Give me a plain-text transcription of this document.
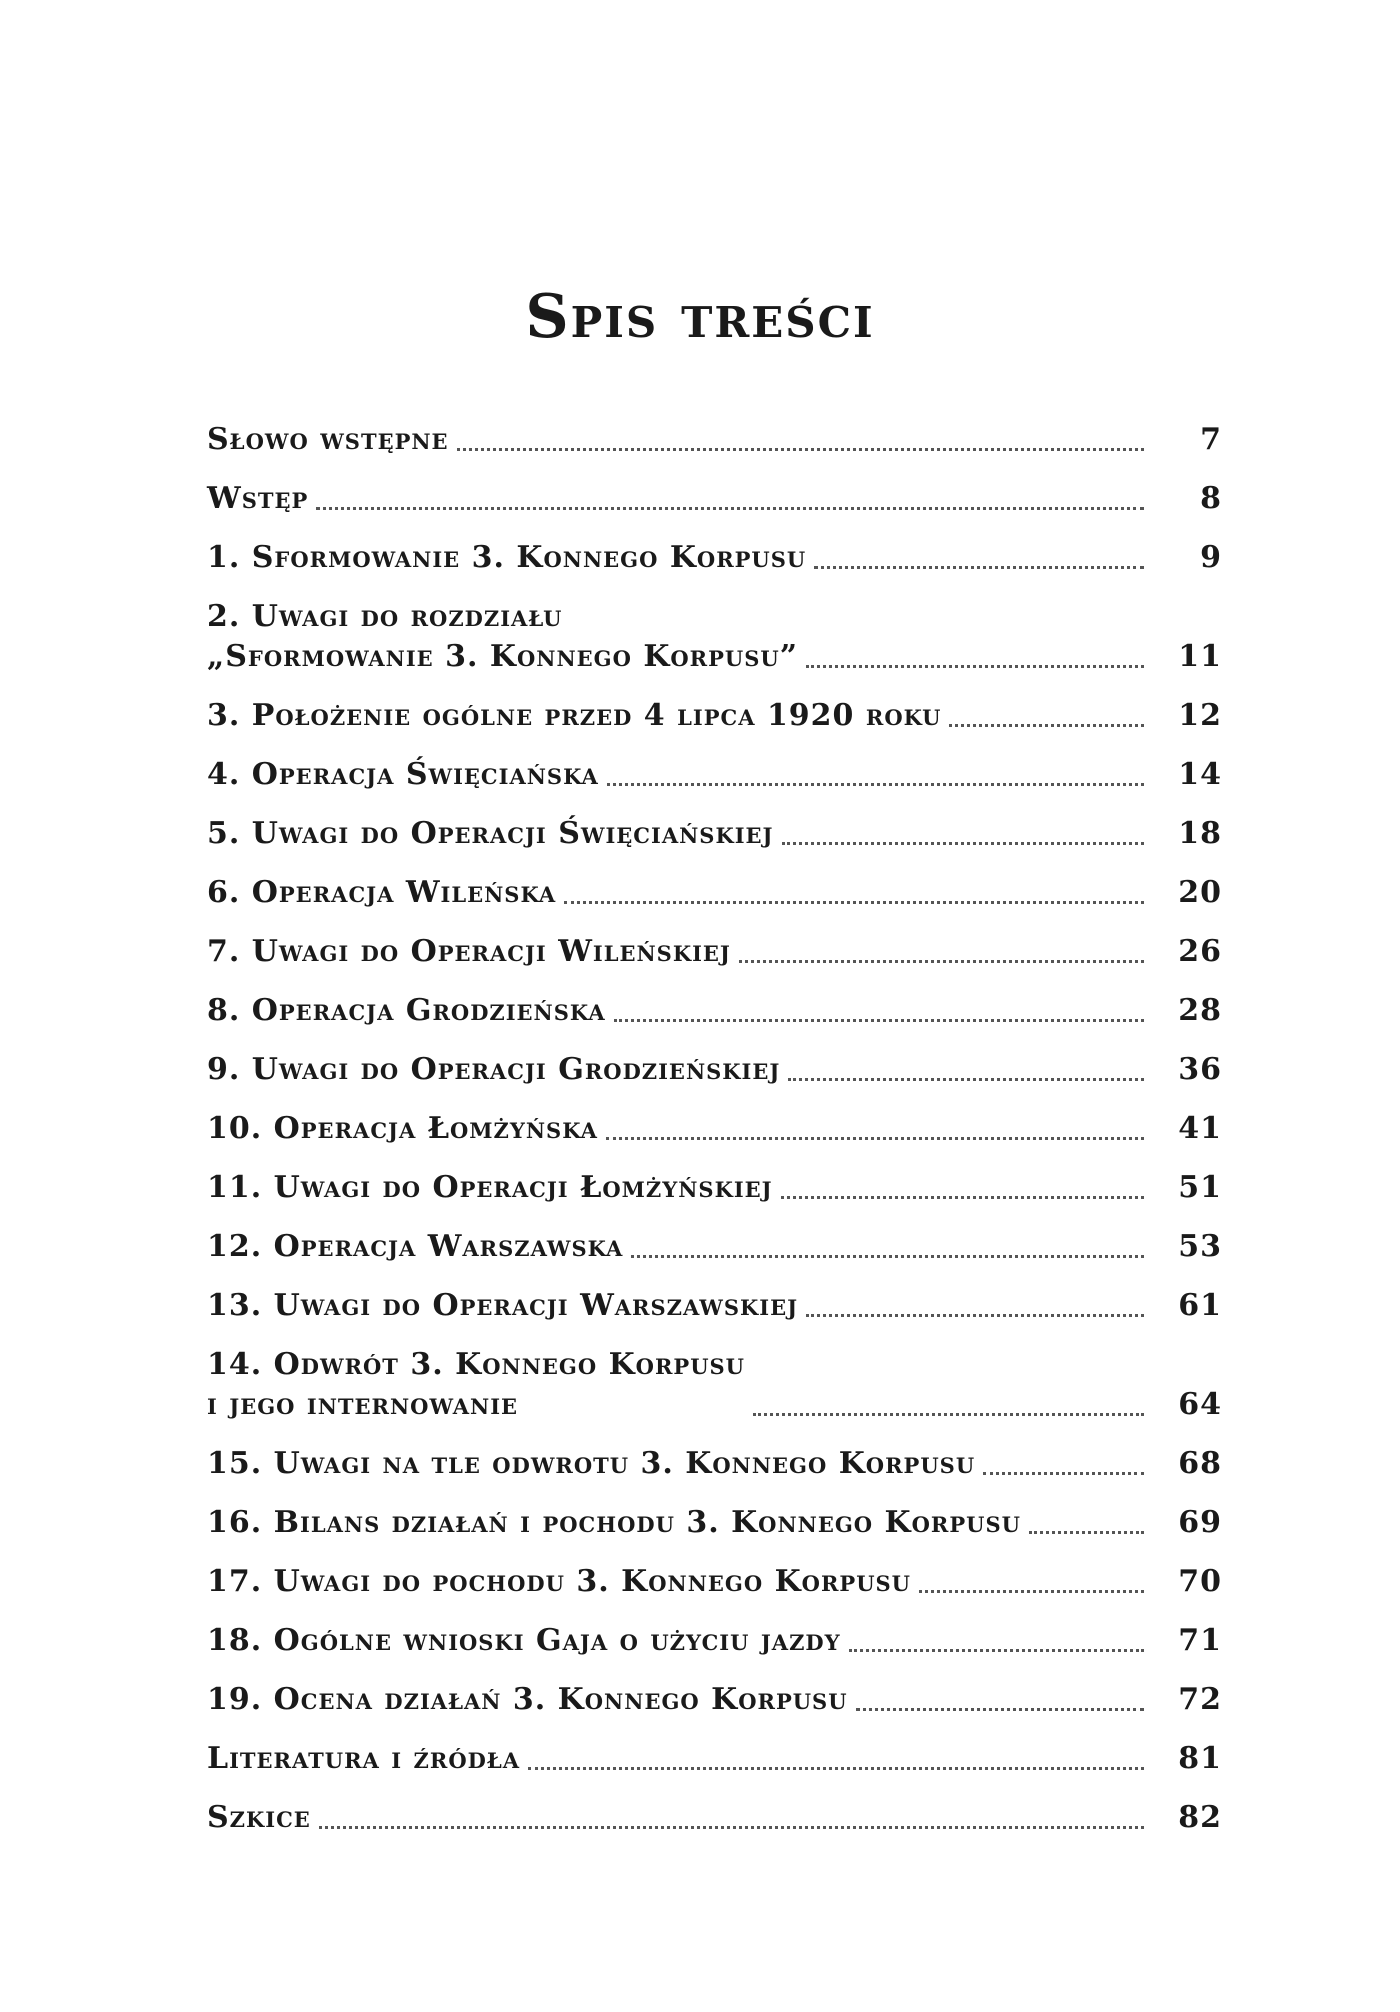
Spis treści
Słowo wstępne	7
Wstęp	8
1. Sformowanie 3. Konnego Korpusu	9
2. Uwagi do rozdziału
„Sformowanie 3. Konnego Korpusu”	11
3. Położenie ogólne przed 4 lipca 1920 roku	12
4. Operacja Święciańska	14
5. Uwagi do Operacji Święciańskiej	18
6. Operacja Wileńska	20
7. Uwagi do Operacji Wileńskiej	26
8. Operacja Grodzieńska	28
9. Uwagi do Operacji Grodzieńskiej	36
10. Operacja Łomżyńska	41
11. Uwagi do Operacji Łomżyńskiej	51
12. Operacja Warszawska	53
13. Uwagi do Operacji Warszawskiej	61
14. Odwrót 3. Konnego Korpusu
i jego internowanie	64
15. Uwagi na tle odwrotu 3. Konnego Korpusu	68
16. Bilans działań i pochodu 3. Konnego Korpusu	69
17. Uwagi do pochodu 3. Konnego Korpusu	70
18. Ogólne wnioski Gaja o użyciu jazdy	71
19. Ocena działań 3. Konnego Korpusu	72
Literatura i źródła	81
Szkice	82
